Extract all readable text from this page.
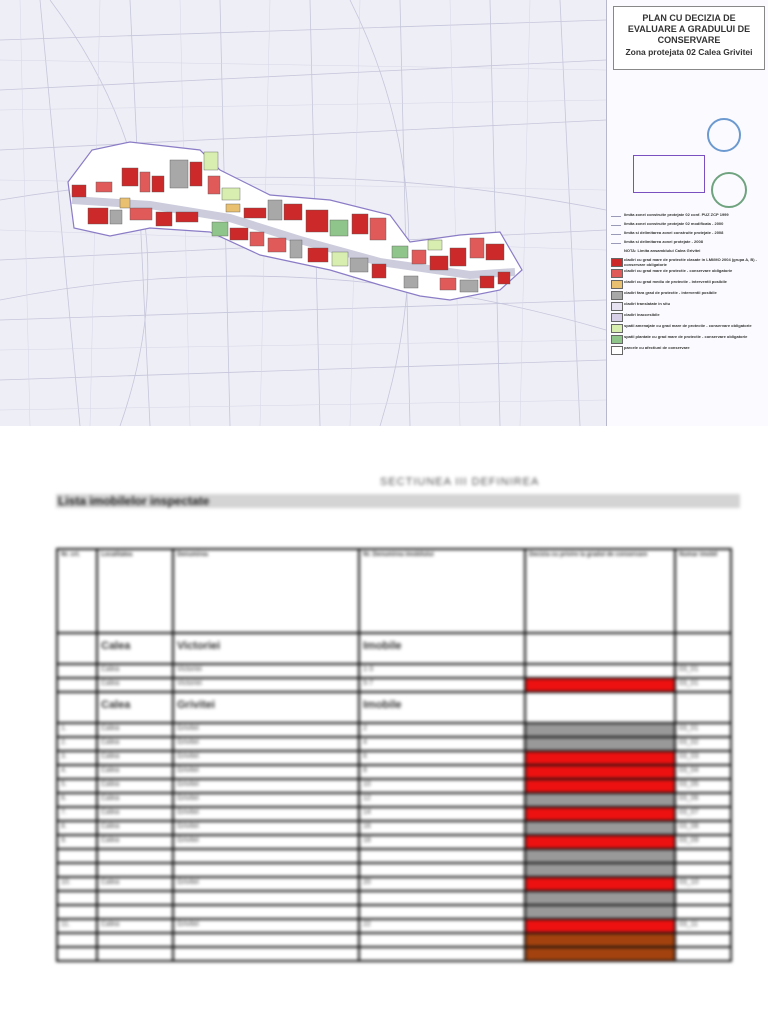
PLAN CU DECIZIA DE
EVALUARE A GRADULUI DE
CONSERVARE
Zona protejata 02 Calea Grivitei
limita zonei construite protejate 02 conf. PUZ ZCP 1999
limita zonei construite protejate 02 modificata - 2000
limita si delimitarea zonei construite protejate - 2008
limita si delimitarea zonei protejate - 2008
NOTA: Limita ansamblului Calea Grivitei
cladiri cu grad mare de protectie clasate in LMI/MO 2004 (grupa A, B) - conservare obligatorie
cladiri cu grad mare de protectie - conservare obligatorie
cladiri cu grad mediu de protectie - interventii posibile
cladiri fara grad de protectie - interventii posibile
cladiri translatate in situ
cladiri inaccesibile
spatii amenajate cu grad mare de protectie - conservare obligatorie
spatii plantate cu grad mare de protectie - conservare obligatorie
parcele cu afectiuni de conservare
SECTIUNEA III DEFINIREA
Lista imobilelor inspectate
Nr. crt.	Localitatea	Denumirea	Nr. Denumirea imobilului	Decizia cu privire la gradul de conservare	Numar imobil
	Calea	Victoriei	Imobile		
	Calea	Victoriei	1-3		03_01
	Calea	Victoriei	5-7		03_01
	Calea	Grivitei	Imobile		
1.	Calea	Grivitei	2		03_01
2.	Calea	Grivitei	4		03_02
3.	Calea	Grivitei	6		03_03
4.	Calea	Grivitei	8		03_04
5.	Calea	Grivitei	10		03_05
6.	Calea	Grivitei	12		03_06
7.	Calea	Grivitei	14		03_07
8.	Calea	Grivitei	16		03_08
9.	Calea	Grivitei	18		03_09

10.	Calea	Grivitei	20		03_10

11.	Calea	Grivitei	22		03_11
